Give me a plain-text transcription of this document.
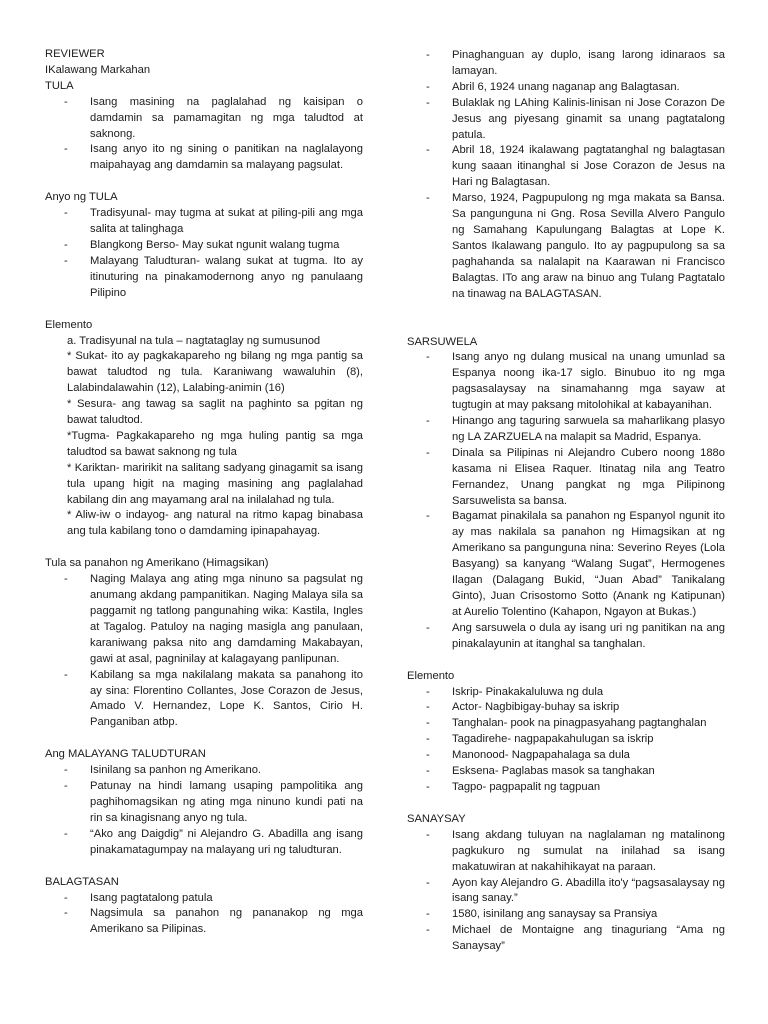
REVIEWER
IKalawang Markahan
TULA
- Isang masining na paglalahad ng kaisipan o damdamin sa pamamagitan ng mga taludtod at saknong.
- Isang anyo ito ng sining o panitikan na naglalayong maipahayag ang damdamin sa malayang pagsulat.
Anyo ng TULA
- Tradisyunal- may tugma at sukat at piling-pili ang mga salita at talinghaga
- Blangkong Berso- May sukat ngunit walang tugma
- Malayang Taludturan- walang sukat at tugma. Ito ay itinuturing na pinakamodernong anyo ng panulaang Pilipino
Elemento

a. Tradisyunal na tula – nagtataglay ng sumusunod

* Sukat- ito ay pagkakapareho ng bilang ng mga pantig sa bawat taludtod ng tula. Karaniwang wawaluhin (8), Lalabindalawahin (12), Lalabing-animin (16)

* Sesura- ang tawag sa saglit na paghinto sa pgitan ng bawat taludtod.

*Tugma- Pagkakapareho ng mga huling pantig sa mga taludtod sa bawat saknong ng tula

* Kariktan- maririkit na salitang sadyang ginagamit sa isang tula upang higit na maging masining ang paglalahad kabilang din ang mayamang aral na inilalahad ng tula.

* Aliw-iw o indayog- ang natural na ritmo kapag binabasa ang tula kabilang tono o damdaming ipinapahayag.

Tula sa panahon ng Amerikano (Himagsikan)
- Naging Malaya ang ating mga ninuno sa pagsulat ng anumang akdang pampanitikan. Naging Malaya sila sa paggamit ng tatlong pangunahing wika: Kastila, Ingles at Tagalog. Patuloy na naging masigla ang panulaan, karaniwang paksa nito ang damdaming Makabayan, gawi at asal, pagninilay at kalagayang panlipunan.
- Kabilang sa mga nakilalang makata sa panahong ito ay sina: Florentino Collantes, Jose Corazon de Jesus, Amado V. Hernandez, Lope K. Santos, Cirio H. Panganiban atbp.
Ang MALAYANG TALUDTURAN
- Isinilang sa panhon ng Amerikano.
- Patunay na hindi lamang usaping pampolitika ang paghihomagsikan ng ating mga ninuno kundi pati na rin sa kinagisnang anyo ng tula.
- “Ako ang Daigdig” ni Alejandro G. Abadilla ang isang pinakamatagumpay na malayang uri ng taludturan.
BALAGTASAN
- Isang pagtatalong patula
- Nagsimula sa panahon ng pananakop ng mga Amerikano sa Pilipinas.
- Pinaghanguan ay duplo, isang larong idinaraos sa lamayan.
- Abril 6, 1924 unang naganap ang Balagtasan.
- Bulaklak ng LAhing Kalinis-linisan ni Jose Corazon De Jesus ang piyesang ginamit sa unang pagtatalong patula.
- Abril 18, 1924 ikalawang pagtatanghal ng balagtasan kung saaan itinanghal si Jose Corazon de Jesus na Hari ng Balagtasan.
- Marso, 1924, Pagpupulong ng mga makata sa Bansa. Sa pangunguna ni Gng. Rosa Sevilla Alvero Pangulo ng Samahang Kapulungang Balagtas at Lope K. Santos Ikalawang pangulo. Ito ay pagpupulong sa sa paghahanda sa nalalapit na Kaarawan ni Francisco Balagtas. ITo ang araw na binuo ang Tulang Pagtatalo na tinawag na BALAGTASAN.
SARSUWELA
- Isang anyo ng dulang musical na unang umunlad sa Espanya noong ika-17 siglo. Binubuo ito ng mga pagsasalaysay na sinamahanng mga sayaw at tugtugin at may paksang mitolohikal at kabayanihan.
- Hinango ang taguring sarwuela sa maharlikang plasyo ng LA ZARZUELA na malapit sa Madrid, Espanya.
- Dinala sa Pilipinas ni Alejandro Cubero noong 188o kasama ni Elisea Raquer. Itinatag nila ang Teatro Fernandez, Unang pangkat ng mga Pilipinong Sarsuwelista sa bansa.
- Bagamat pinakilala sa panahon ng Espanyol ngunit ito ay mas nakilala sa panahon ng Himagsikan at ng Amerikano sa pangunguna nina: Severino Reyes (Lola Basyang) sa kanyang “Walang Sugat”, Hermogenes Ilagan (Dalagang Bukid, “Juan Abad” Tanikalang Ginto), Juan Crisostomo Sotto (Anank ng Katipunan) at Aurelio Tolentino (Kahapon, Ngayon at Bukas.)
- Ang sarsuwela o dula ay isang uri ng panitikan na ang pinakalayunin at itanghal sa tanghalan.
Elemento
- Iskrip- Pinakakaluluwa ng dula
- Actor- Nagbibigay-buhay sa iskrip
- Tanghalan- pook na pinagpasyahang pagtanghalan
- Tagadirehe- nagpapakahulugan sa iskrip
- Manonood- Nagpapahalaga sa dula
- Esksena- Paglabas masok sa tanghakan
- Tagpo- pagpapalit ng tagpuan
SANAYSAY
- Isang akdang tuluyan na naglalaman ng matalinong pagkukuro ng sumulat na inilahad sa isang makatuwiran at nakahihikayat na paraan.
- Ayon kay Alejandro G. Abadilla ito'y “pagsasalaysay ng isang sanay.”
- 1580, isinilang ang sanaysay sa Pransiya
- Michael de Montaigne ang tinaguriang “Ama ng Sanaysay”
